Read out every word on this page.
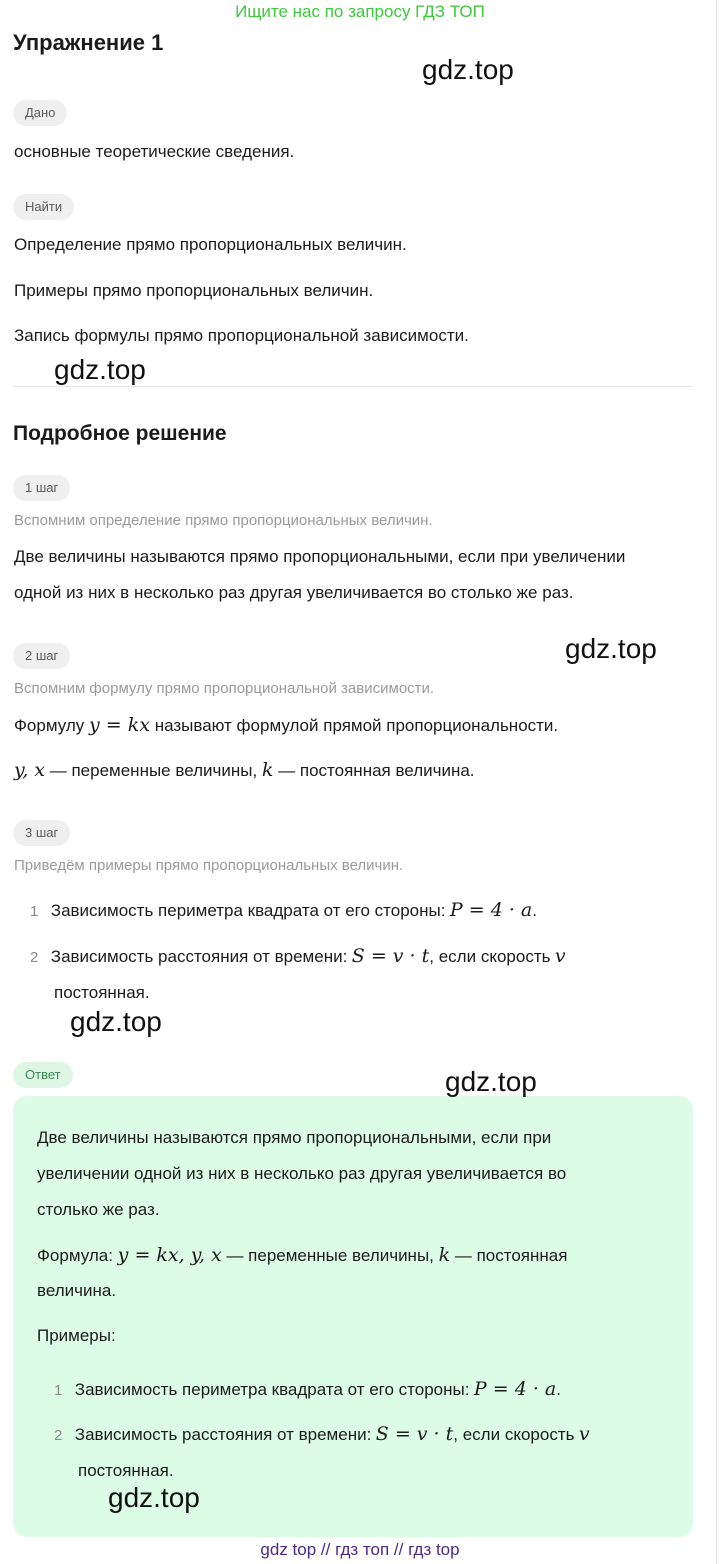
Ищите нас по запросу ГДЗ ТОП
Упражнение 1
gdz.top
Дано
основные теоретические сведения.
Найти
Определение прямо пропорциональных величин.
Примеры прямо пропорциональных величин.
Запись формулы прямо пропорциональной зависимости.
gdz.top
Подробное решение
1 шаг
Вспомним определение прямо пропорциональных величин.
Две величины называются прямо пропорциональными, если при увеличении
одной из них в несколько раз другая увеличивается во столько же раз.
gdz.top
2 шаг
Вспомним формулу прямо пропорциональной зависимости.
Формулу y = kx называют формулой прямой пропорциональности.
y, x — переменные величины, k — постоянная величина.
3 шаг
Приведём примеры прямо пропорциональных величин.
1 Зависимость периметра квадрата от его стороны: P = 4 · a.
2 Зависимость расстояния от времени: S = v · t, если скорость v
постоянная.
gdz.top
Ответ	gdz.top
Две величины называются прямо пропорциональными, если при
увеличении одной из них в несколько раз другая увеличивается во
столько же раз.
Формула: y = kx, y, x — переменные величины, k — постоянная
величина.
Примеры:
1 Зависимость периметра квадрата от его стороны: P = 4 · a.
2 Зависимость расстояния от времени: S = v · t, если скорость v
постоянная.
gdz.top
gdz top // гдз топ // гдз top
